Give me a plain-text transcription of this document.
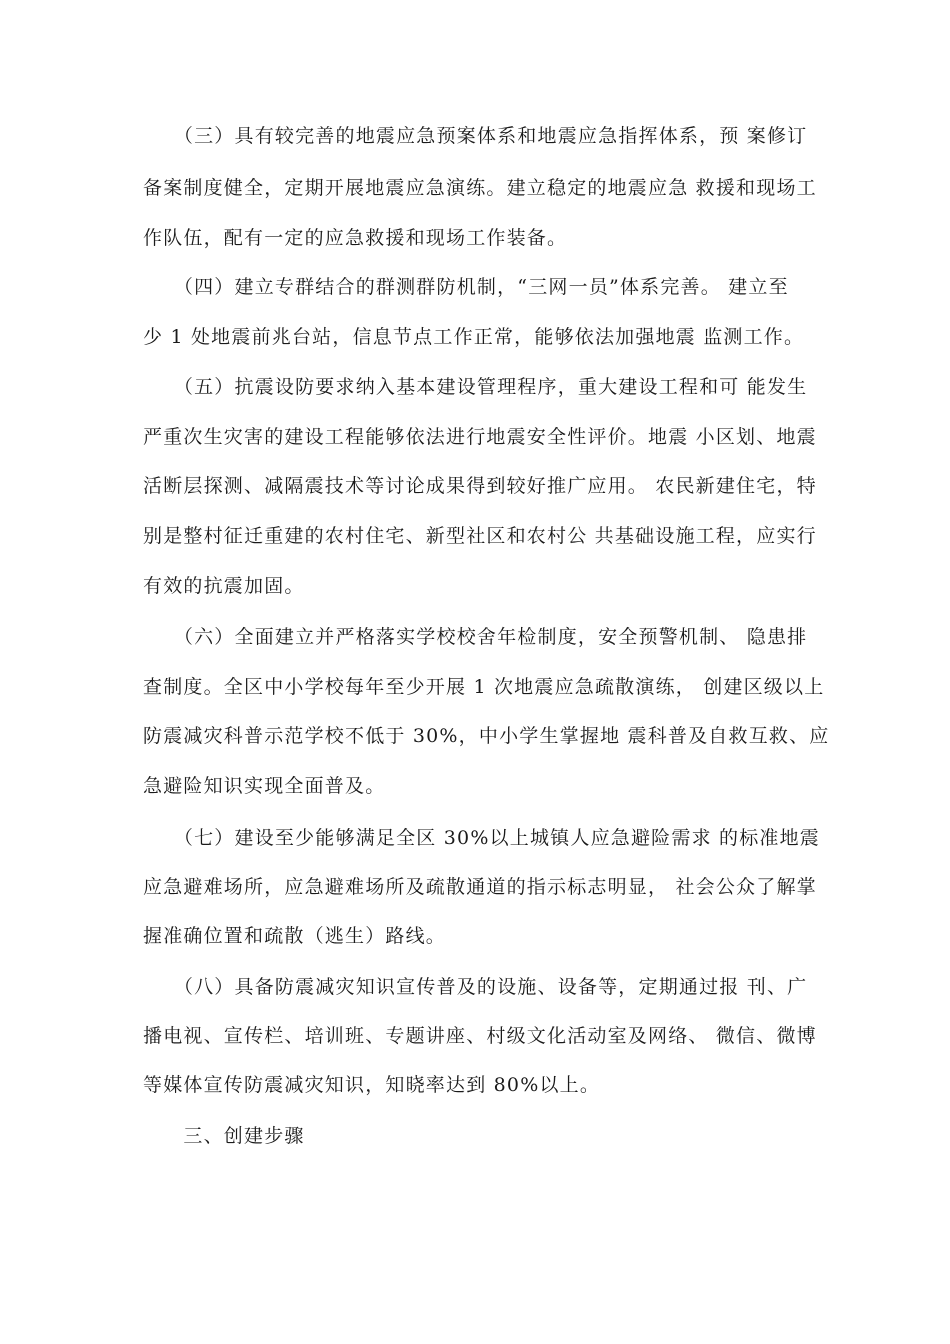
　　（三）具有较完善的地震应急预案体系和地震应急指挥体系，预 案修订
备案制度健全，定期开展地震应急演练。建立稳定的地震应急 救援和现场工
作队伍，配有一定的应急救援和现场工作装备。
　　（四）建立专群结合的群测群防机制，“三网一员”体系完善。 建立至
少 1 处地震前兆台站，信息节点工作正常，能够依法加强地震 监测工作。
　　（五）抗震设防要求纳入基本建设管理程序，重大建设工程和可 能发生
严重次生灾害的建设工程能够依法进行地震安全性评价。地震 小区划、地震
活断层探测、减隔震技术等讨论成果得到较好推广应用。 农民新建住宅，特
别是整村征迁重建的农村住宅、新型社区和农村公 共基础设施工程，应实行
有效的抗震加固。
　　（六）全面建立并严格落实学校校舍年检制度，安全预警机制、 隐患排
查制度。全区中小学校每年至少开展 1 次地震应急疏散演练， 创建区级以上
防震减灾科普示范学校不低于 30%，中小学生掌握地 震科普及自救互救、应
急避险知识实现全面普及。
　　（七）建设至少能够满足全区 30%以上城镇人应急避险需求 的标准地震
应急避难场所，应急避难场所及疏散通道的指示标志明显， 社会公众了解掌
握准确位置和疏散（逃生）路线。
　　（八）具备防震减灾知识宣传普及的设施、设备等，定期通过报 刊、广
播电视、宣传栏、培训班、专题讲座、村级文化活动室及网络、 微信、微博
等媒体宣传防震减灾知识，知晓率达到 80%以上。
　　三、创建步骤
